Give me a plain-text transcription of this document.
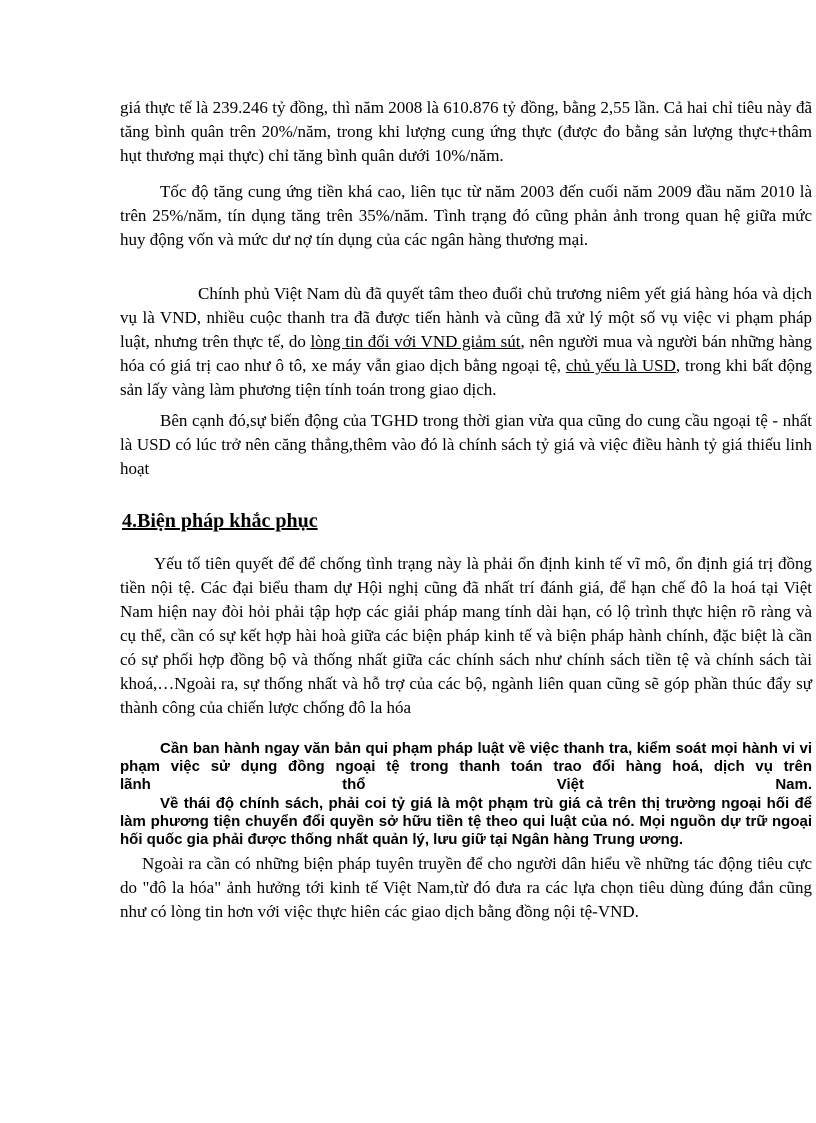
giá thực tế là 239.246 tỷ đồng, thì năm 2008 là 610.876 tỷ đồng, bằng 2,55 lần. Cả hai chỉ tiêu này đã tăng bình quân trên 20%/năm, trong khi lượng cung ứng thực (được đo bằng sản lượng thực+thâm hụt thương mại thực) chỉ tăng bình quân dưới 10%/năm.

Tốc độ tăng cung ứng tiền khá cao, liên tục từ năm 2003 đến cuối năm 2009 đầu năm 2010 là trên 25%/năm, tín dụng tăng trên 35%/năm. Tình trạng đó cũng phản ảnh trong quan hệ giữa mức huy động vốn và mức dư nợ tín dụng của các ngân hàng thương mại.

Chính phủ Việt Nam dù đã quyết tâm theo đuổi chủ trương niêm yết giá hàng hóa và dịch vụ là VND, nhiều cuộc thanh tra đã được tiến hành và cũng đã xử lý một số vụ việc vi phạm pháp luật, nhưng trên thực tế, do lòng tin đối với VND giảm sút, nên người mua và người bán những hàng hóa có giá trị cao như ô tô, xe máy vẫn giao dịch bằng ngoại tệ, chủ yếu là USD, trong khi bất động sản lấy vàng làm phương tiện tính toán trong giao dịch.

Bên cạnh đó,sự biến động của TGHD trong thời gian vừa qua cũng do cung cầu ngoại tệ - nhất là USD có lúc trở nên căng thẳng,thêm vào đó là chính sách tỷ giá và việc điều hành tỷ giá thiếu linh hoạt

4.Biện pháp khắc phục

Yếu tố tiên quyết để để chống tình trạng này là phải ổn định kinh tế vĩ mô, ổn định giá trị đồng tiền nội tệ. Các đại biểu tham dự Hội nghị cũng đã nhất trí đánh giá, để hạn chế đô la hoá tại Việt Nam hiện nay đòi hỏi phải tập hợp các giải pháp mang tính dài hạn, có lộ trình thực hiện rõ ràng và cụ thể, cần có sự kết hợp hài hoà giữa các biện pháp kinh tế và biện pháp hành chính, đặc biệt là cần có sự phối hợp đồng bộ và thống nhất giữa các chính sách như chính sách tiền tệ và chính sách tài khoá,…Ngoài ra, sự thống nhất và hỗ trợ của các bộ, ngành liên quan cũng sẽ góp phần thúc đẩy sự thành công của chiến lược chống đô la hóa

Cần ban hành ngay văn bản qui phạm pháp luật về việc thanh tra, kiểm soát mọi hành vi vi phạm việc sử dụng đồng ngoại tệ trong thanh toán trao đổi hàng hoá, dịch vụ trên
lãnh	thổ	Việt	Nam.

Về thái độ chính sách, phải coi tỷ giá là một phạm trù giá cả trên thị trường ngoại hối để làm phương tiện chuyển đổi quyền sở hữu tiền tệ theo qui luật của nó. Mọi nguồn dự trữ ngoại hối quốc gia phải được thống nhất quản lý, lưu giữ tại Ngân hàng Trung ương.

Ngoài ra cần có những biện pháp tuyên truyền để cho người dân hiểu về những tác động tiêu cực do "đô la hóa" ảnh hưởng tới kinh tế Việt Nam,từ đó đưa ra các lựa chọn tiêu dùng đúng đắn cũng như có lòng tin hơn với việc thực hiên các giao dịch bằng đồng nội tệ-VND.
